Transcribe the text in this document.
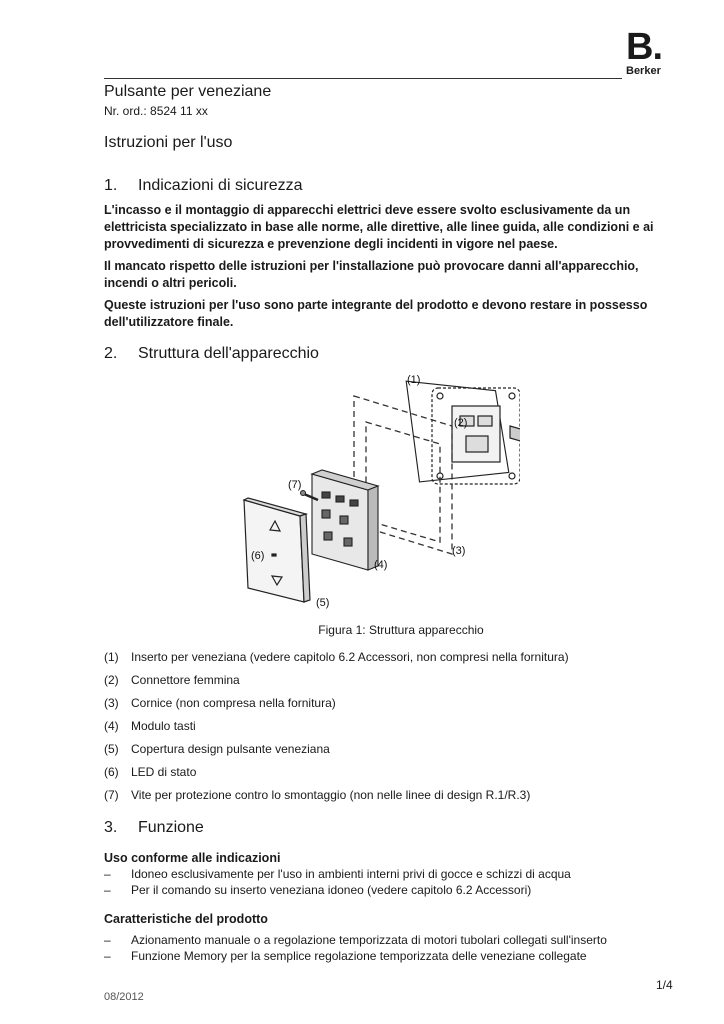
B.
Berker
Pulsante per veneziane
Nr. ord.: 8524 11 xx
Istruzioni per l'uso
1. Indicazioni di sicurezza
L'incasso e il montaggio di apparecchi elettrici deve essere svolto esclusivamente da un elettricista specializzato in base alle norme, alle direttive, alle linee guida, alle condizioni e ai provvedimenti di sicurezza e prevenzione degli incidenti in vigore nel paese.
Il mancato rispetto delle istruzioni per l'installazione può provocare danni all'apparecchio, incendi o altri pericoli.
Queste istruzioni per l'uso sono parte integrante del prodotto e devono restare in possesso dell'utilizzatore finale.
2. Struttura dell'apparecchio
(1)
(2)
(3)
(4)
(5)
(6)
(7)
Figura 1: Struttura apparecchio
(1) Inserto per veneziana (vedere capitolo 6.2 Accessori, non compresi nella fornitura)
(2) Connettore femmina
(3) Cornice (non compresa nella fornitura)
(4) Modulo tasti
(5) Copertura design pulsante veneziana
(6) LED di stato
(7) Vite per protezione contro lo smontaggio (non nelle linee di design R.1/R.3)
3. Funzione
Uso conforme alle indicazioni
– Idoneo esclusivamente per l'uso in ambienti interni privi di gocce e schizzi di acqua
– Per il comando su inserto veneziana idoneo (vedere capitolo 6.2 Accessori)
Caratteristiche del prodotto
– Azionamento manuale o a regolazione temporizzata di motori tubolari collegati sull'inserto
– Funzione Memory per la semplice regolazione temporizzata delle veneziane collegate
1/4
08/2012
